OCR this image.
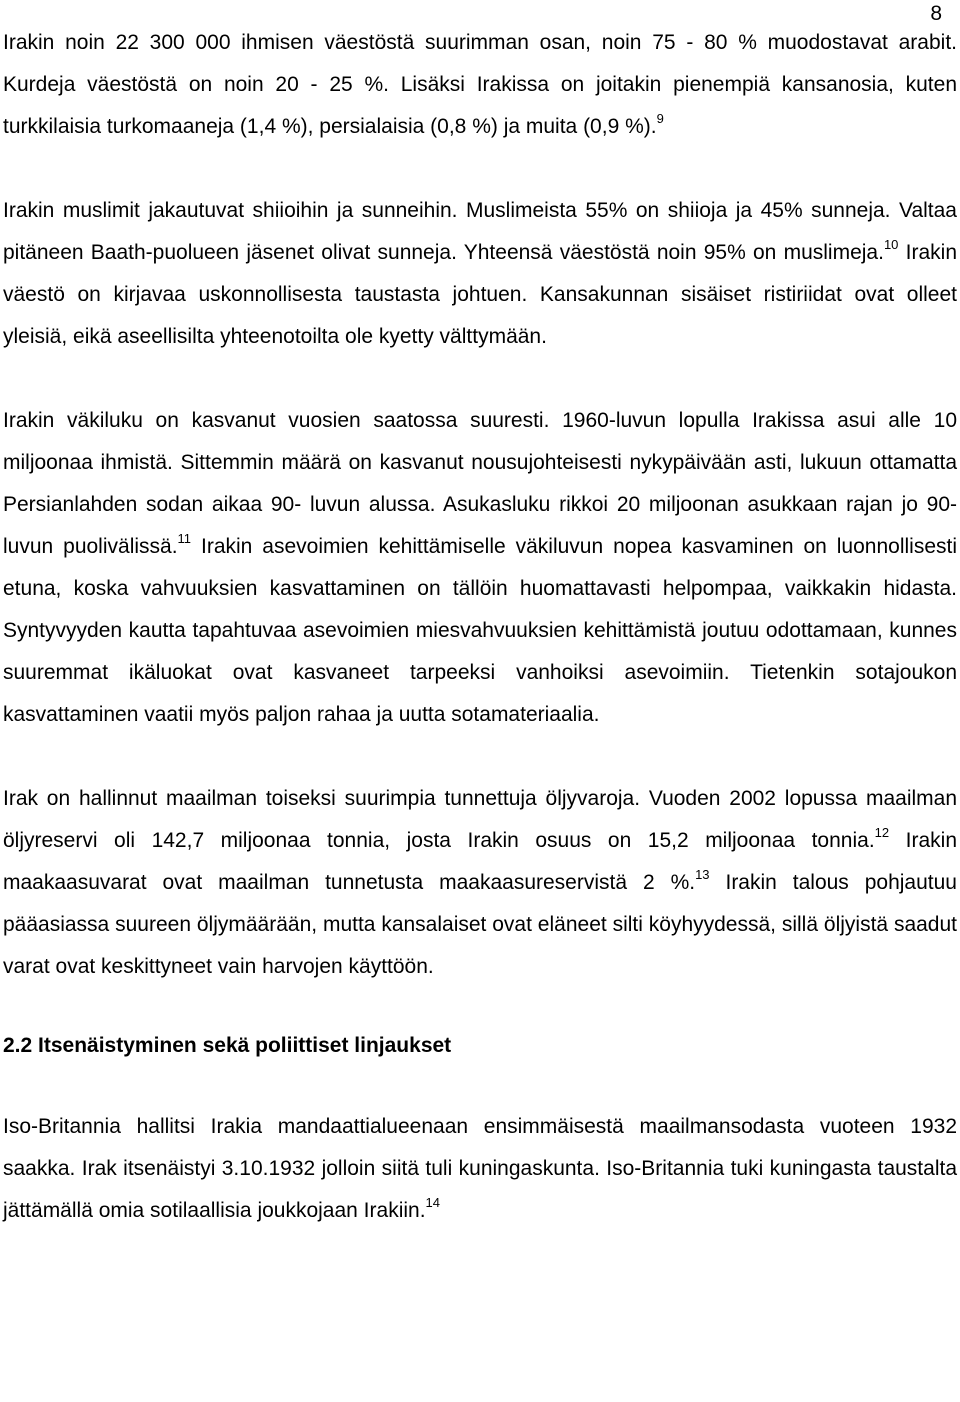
8

Irakin noin 22 300 000 ihmisen väestöstä suurimman osan, noin 75 - 80 % muodostavat arabit. Kurdeja väestöstä on noin 20 - 25 %. Lisäksi Irakissa on joitakin pienempiä kansanosia, kuten turkkilaisia turkomaaneja (1,4 %), persialaisia (0,8 %) ja muita (0,9 %).$^9$

Irakin muslimit jakautuvat shiioihin ja sunneihin. Muslimeista 55% on shiioja ja 45% sunneja. Valtaa pitäneen Baath-puolueen jäsenet olivat sunneja. Yhteensä väestöstä noin 95% on muslimeja.$^{10}$ Irakin väestö on kirjavaa uskonnollisesta taustasta johtuen. Kansakunnan sisäiset ristiriidat ovat olleet yleisiä, eikä aseellisilta yhteenotoilta ole kyetty välttymään.

Irakin väkiluku on kasvanut vuosien saatossa suuresti. 1960-luvun lopulla Irakissa asui alle 10 miljoonaa ihmistä. Sittemmin määrä on kasvanut nousujohteisesti nykypäivään asti, lukuun ottamatta Persianlahden sodan aikaa 90- luvun alussa. Asukasluku rikkoi 20 miljoonan asukkaan rajan jo 90-luvun puolivälissä.$^{11}$ Irakin asevoimien kehittämiselle väkiluvun nopea kasvaminen on luonnollisesti etuna, koska vahvuuksien kasvattaminen on tällöin huomattavasti helpompaa, vaikkakin hidasta. Syntyvyyden kautta tapahtuvaa asevoimien miesvahvuuksien kehittämistä joutuu odottamaan, kunnes suuremmat ikäluokat ovat kasvaneet tarpeeksi vanhoiksi asevoimiin. Tietenkin sotajoukon kasvattaminen vaatii myös paljon rahaa ja uutta sotamateriaalia.

Irak on hallinnut maailman toiseksi suurimpia tunnettuja öljyvaroja. Vuoden 2002 lopussa maailman öljyreservi oli 142,7 miljoonaa tonnia, josta Irakin osuus on 15,2 miljoonaa tonnia.$^{12}$ Irakin maakaasuvarat ovat maailman tunnetusta maakaasureservistä 2 %.$^{13}$ Irakin talous pohjautuu pääasiassa suureen öljymäärään, mutta kansalaiset ovat eläneet silti köyhyydessä, sillä öljyistä saadut varat ovat keskittyneet vain harvojen käyttöön.

2.2 Itsenäistyminen sekä poliittiset linjaukset

Iso-Britannia hallitsi Irakia mandaattialueenaan ensimmäisestä maailmansodasta vuoteen 1932 saakka. Irak itsenäistyi 3.10.1932 jolloin siitä tuli kuningaskunta. Iso-Britannia tuki kuningasta taustalta jättämällä omia sotilaallisia joukkojaan Irakiin.$^{14}$
